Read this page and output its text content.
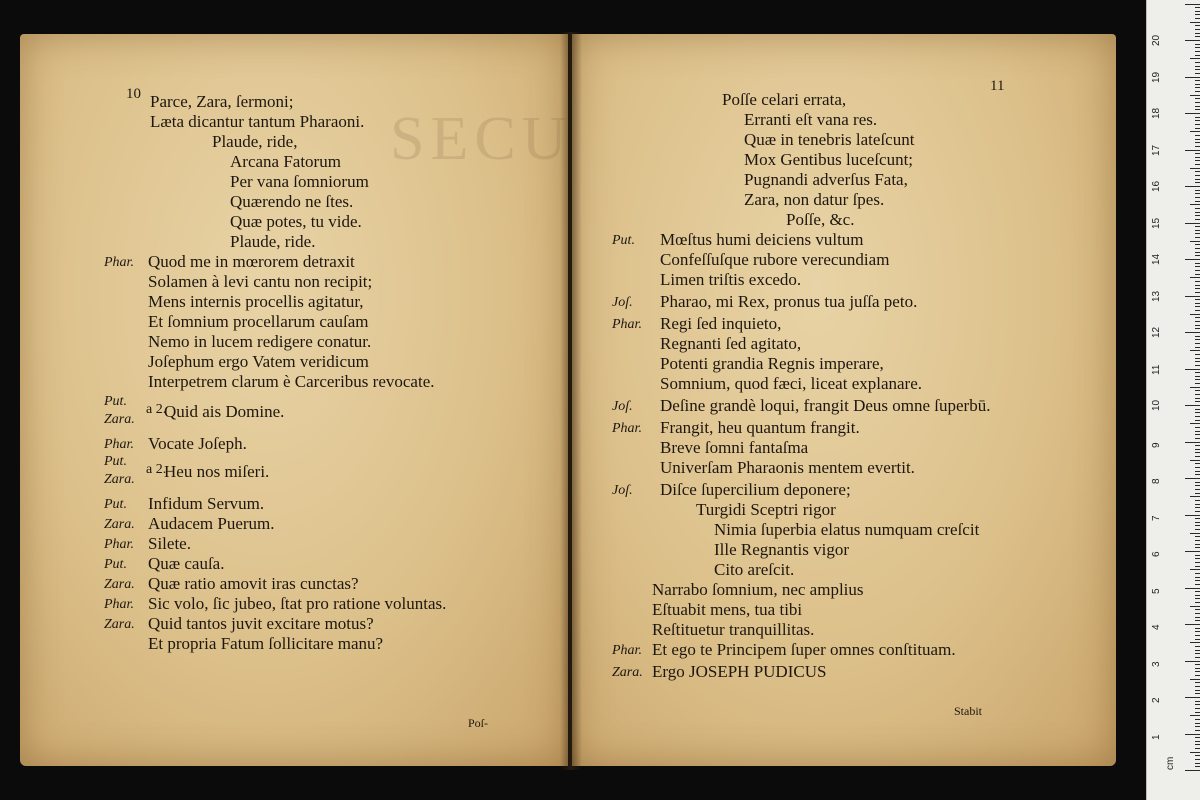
SECUND
10 Parce, Zara, ſermoni;
Læta dicantur tantum Pharaoni.
Plaude, ride,
Arcana Fatorum
Per vana ſomniorum
Quærendo ne ſtes.
Quæ potes, tu vide.
Plaude, ride.
Phar. Quod me in mœrorem detraxit
Solamen à levi cantu non recipit;
Mens internis procellis agitatur,
Et ſomnium procellarum cauſam
Nemo in lucem redigere conatur.
Joſephum ergo Vatem veridicum
Interpetrem clarum è Carceribus revocate.
Put.
Zara.
a 2.
Quid ais Domine.
Phar. Vocate Joſeph.
Put.
Zara.
a 2.
Heu nos miſeri.
Put. Infidum Servum.
Zara. Audacem Puerum.
Phar. Silete.
Put. Quæ cauſa.
Zara. Quæ ratio amovit iras cunctas?
Phar. Sic volo, ſic jubeo, ſtat pro ratione voluntas.
Zara. Quid tantos juvit excitare motus?
Et propria Fatum ſollicitare manu?
Poſ-
11
Poſſe celari errata,
Erranti eſt vana res.
Quæ in tenebris lateſcunt
Mox Gentibus luceſcunt;
Pugnandi adverſus Fata,
Zara, non datur ſpes.
Poſſe, &c.
Put. Mœſtus humi deiciens vultum
Confeſſuſque rubore verecundiam
Limen triſtis excedo.
Joſ. Pharao, mi Rex, pronus tua juſſa peto.
Phar. Regi ſed inquieto,
Regnanti ſed agitato,
Potenti grandia Regnis imperare,
Somnium, quod fæci, liceat explanare.
Joſ. Deſine grandè loqui, frangit Deus omne ſuperbū.
Phar. Frangit, heu quantum frangit.
Breve ſomni fantaſma
Univerſam Pharaonis mentem evertit.
Joſ. Diſce ſupercilium deponere;
Turgidi Sceptri rigor
Nimia ſuperbia elatus numquam creſcit
Ille Regnantis vigor
Cito areſcit.
Narrabo ſomnium, nec amplius
Eſtuabit mens, tua tibi
Reſtituetur tranquillitas.
Phar. Et ego te Principem ſuper omnes conſtituam.
Zara. Ergo JOSEPH PUDICUS
Stabit
cm
1
2
3
4
5
6
7
8
9
10
11
12
13
14
15
16
17
18
19
20
